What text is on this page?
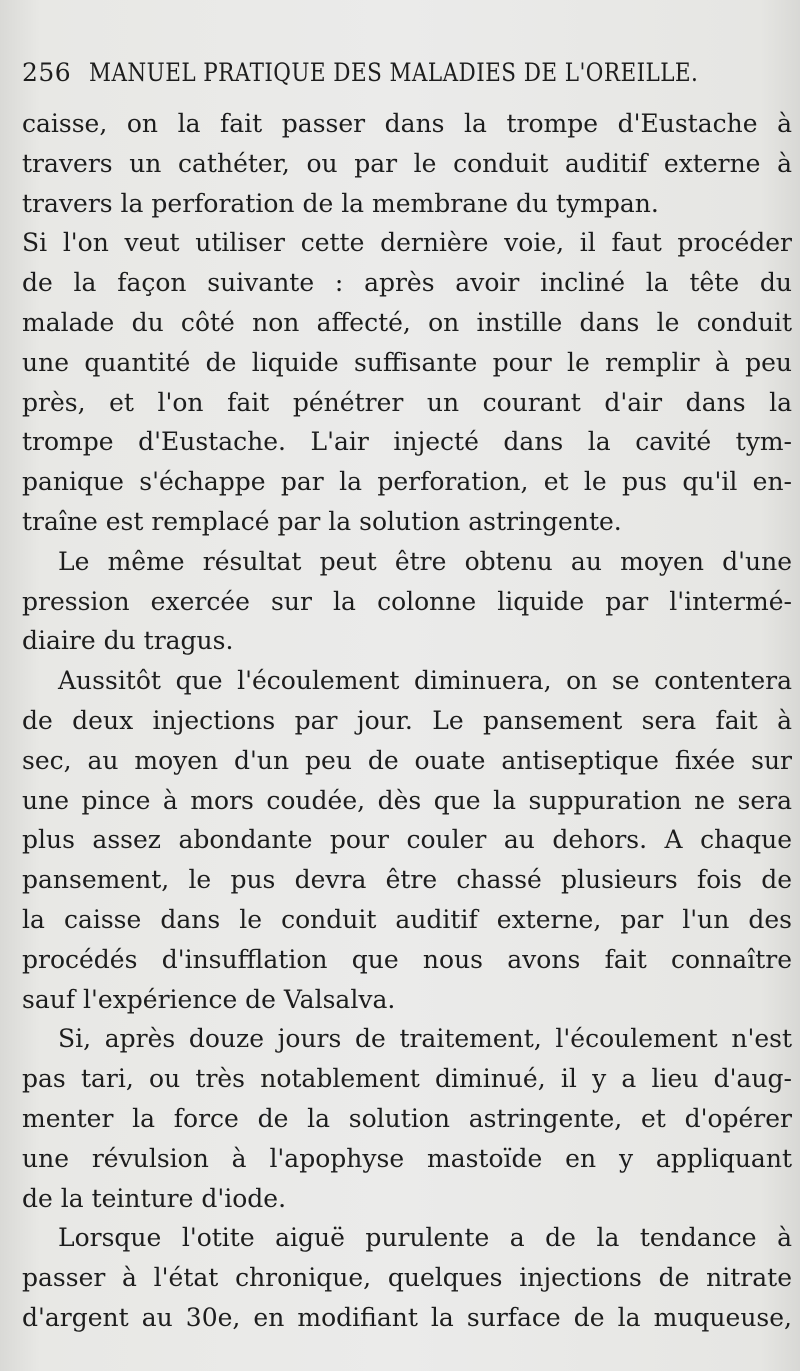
256 MANUEL PRATIQUE DES MALADIES DE L'OREILLE.
caisse, on la fait passer dans la trompe d'Eustache à
travers un cathéter, ou par le conduit auditif externe à
travers la perforation de la membrane du tympan.
Si l'on veut utiliser cette dernière voie, il faut procéder
de la façon suivante : après avoir incliné la tête du
malade du côté non affecté, on instille dans le conduit
une quantité de liquide suffisante pour le remplir à peu
près, et l'on fait pénétrer un courant d'air dans la
trompe d'Eustache. L'air injecté dans la cavité tym-
panique s'échappe par la perforation, et le pus qu'il en-
traîne est remplacé par la solution astringente.
Le même résultat peut être obtenu au moyen d'une
pression exercée sur la colonne liquide par l'intermé-
diaire du tragus.
Aussitôt que l'écoulement diminuera, on se contentera
de deux injections par jour. Le pansement sera fait à
sec, au moyen d'un peu de ouate antiseptique fixée sur
une pince à mors coudée, dès que la suppuration ne sera
plus assez abondante pour couler au dehors. A chaque
pansement, le pus devra être chassé plusieurs fois de
la caisse dans le conduit auditif externe, par l'un des
procédés d'insufflation que nous avons fait connaître
sauf l'expérience de Valsalva.
Si, après douze jours de traitement, l'écoulement n'est
pas tari, ou très notablement diminué, il y a lieu d'aug-
menter la force de la solution astringente, et d'opérer
une révulsion à l'apophyse mastoïde en y appliquant
de la teinture d'iode.
Lorsque l'otite aiguë purulente a de la tendance à
passer à l'état chronique, quelques injections de nitrate
d'argent au 30e, en modifiant la surface de la muqueuse,
